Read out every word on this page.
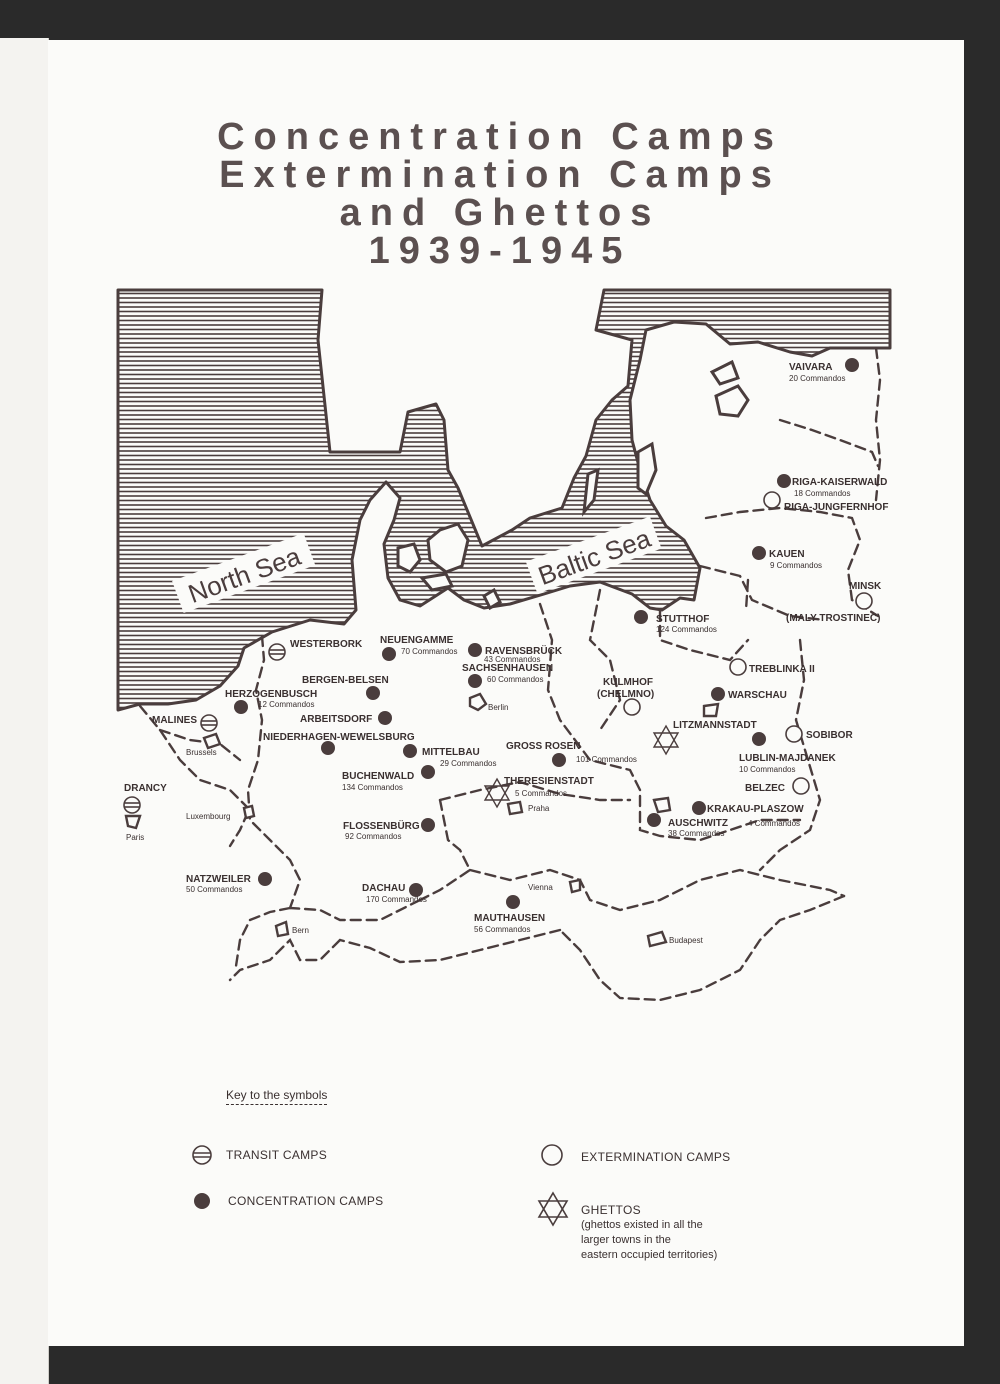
Concentration Camps
Extermination Camps
and Ghettos
1939-1945
North Sea	Baltic Sea
VAIVARA
20 Commandos
RIGA-KAISERWALD
18 Commandos
RIGA-JUNGFERNHOF
KAUEN
9 Commandos
MINSK
(MALY TROSTINEC)
STUTTHOF
124 Commandos
TREBLINKA II
WARSCHAU
LITZMANNSTADT
SOBIBOR
LUBLIN-MAJDANEK
10 Commandos
BELZEC
KRAKAU-PLASZOW
4 Commandos
AUSCHWITZ
38 Commandos
KULMHOF
(CHELMNO)
GROSS ROSEN
101 Commandos
THERESIENSTADT
5 Commandos
WESTERBORK NEUENGAMME
70 Commandos	RAVENSBRÜCK
43 Commandos
SACHSENHAUSEN
60 Commandos
BERGEN-BELSEN
HERZOGENBUSCH
12 Commandos
ARBEITSDORF
NIEDERHAGEN-WEWELSBURG
MALINES
MITTELBAU
29 Commandos
BUCHENWALD
134 Commandos
DRANCY
FLOSSENBÜRG
92 Commandos
NATZWEILER
50 Commandos	DACHAU
170 Commandos
MAUTHAUSEN
56 Commandos
Brussels
Paris
Luxembourg
Berlin
Praha
Vienna
Budapest
Bern
Key to the symbols
TRANSIT CAMPS
CONCENTRATION CAMPS
EXTERMINATION CAMPS
GHETTOS
(ghettos existed in all the
larger towns in the
eastern occupied territories)
